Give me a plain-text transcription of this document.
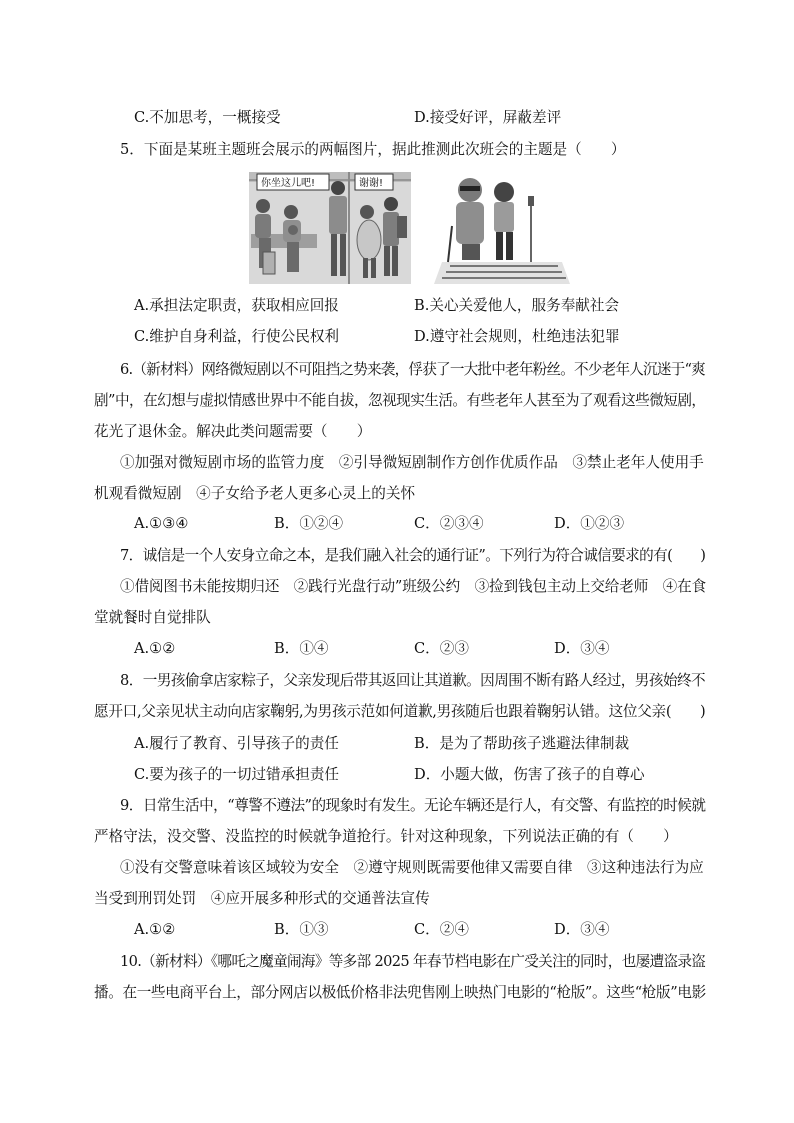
C.不加思考，一概接受	D.接受好评，屏蔽差评
5．下面是某班主题班会展示的两幅图片，据此推测此次班会的主题是（　　）
你坐这儿吧!	谢谢!
A.承担法定职责，获取相应回报	B.关心关爱他人，服务奉献社会
C.维护自身利益，行使公民权利	D.遵守社会规则，杜绝违法犯罪
6.（新材料）网络微短剧以不可阻挡之势来袭，俘获了一大批中老年粉丝。不少老年人沉迷于“爽
剧”中，在幻想与虚拟情感世界中不能自拔，忽视现实生活。有些老年人甚至为了观看这些微短剧，
花光了退休金。解决此类问题需要（　　）
①加强对微短剧市场的监管力度　②引导微短剧制作方创作优质作品　③禁止老年人使用手
机观看微短剧　④子女给予老人更多心灵上的关怀
A.①③④	B．①②④	C．②③④	D．①②③
7．诚信是一个人安身立命之本，是我们融入社会的通行证”。下列行为符合诚信要求的有(　　)
①借阅图书未能按期归还　②践行光盘行动”班级公约　③捡到钱包主动上交给老师　④在食
堂就餐时自觉排队
A.①②	B．①④	C．②③	D．③④
8．一男孩偷拿店家粽子，父亲发现后带其返回让其道歉。因周围不断有路人经过，男孩始终不
愿开口,父亲见状主动向店家鞠躬,为男孩示范如何道歉,男孩随后也跟着鞠躬认错。这位父亲(　　)
A.履行了教育、引导孩子的责任	B．是为了帮助孩子逃避法律制裁
C.要为孩子的一切过错承担责任	D．小题大做，伤害了孩子的自尊心
9．日常生活中，“尊警不遵法”的现象时有发生。无论车辆还是行人，有交警、有监控的时候就
严格守法，没交警、没监控的时候就争道抢行。针对这种现象，下列说法正确的有（　　）
①没有交警意味着该区域较为安全　②遵守规则既需要他律又需要自律　③这种违法行为应
当受到刑罚处罚　④应开展多种形式的交通普法宣传
A.①②	B．①③	C．②④	D．③④
10.（新材料）《哪吒之魔童闹海》等多部 2025 年春节档电影在广受关注的同时，也屡遭盗录盗
播。在一些电商平台上，部分网店以极低价格非法兜售刚上映热门电影的“枪版”。这些“枪版”电影
